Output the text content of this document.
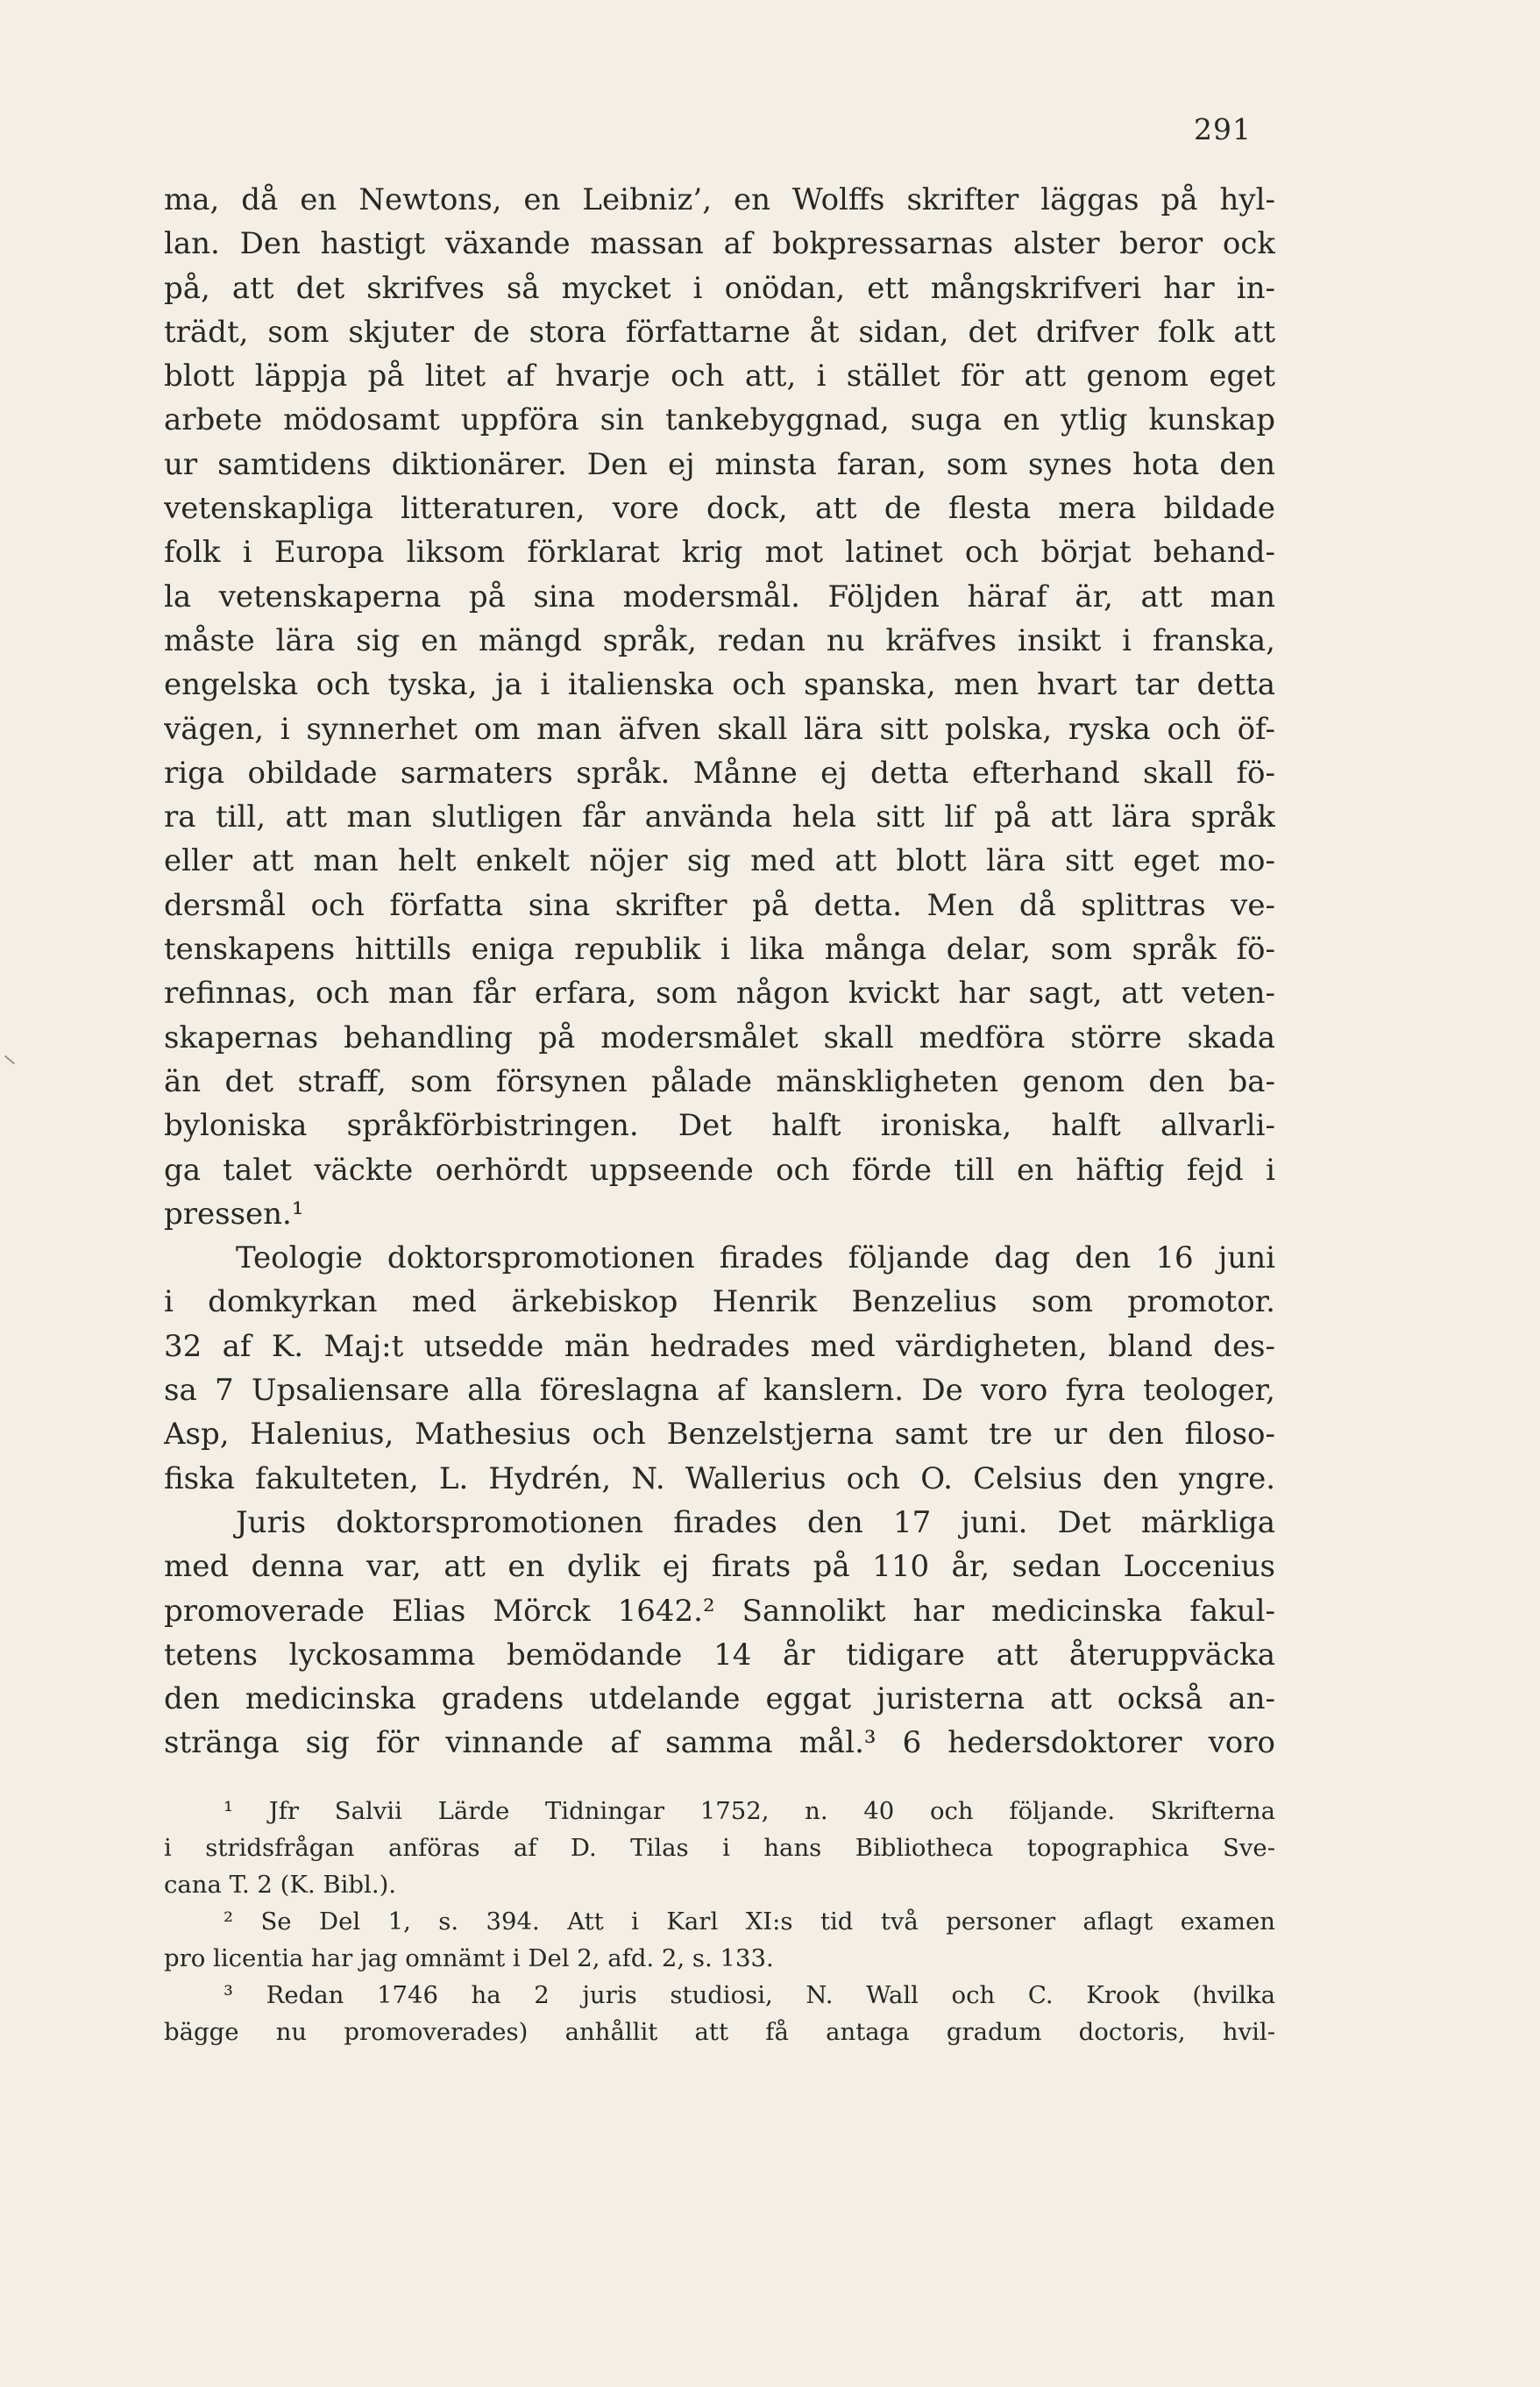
291
ma, då en Newtons, en Leibniz’, en Wolffs skrifter läggas på hyl-
lan. Den hastigt växande massan af bokpressarnas alster beror ock
på, att det skrifves så mycket i onödan, ett mångskrifveri har in-
trädt, som skjuter de stora författarne åt sidan, det drifver folk att
blott läppja på litet af hvarje och att, i stället för att genom eget
arbete mödosamt uppföra sin tankebyggnad, suga en ytlig kunskap
ur samtidens diktionärer. Den ej minsta faran, som synes hota den
vetenskapliga litteraturen, vore dock, att de flesta mera bildade
folk i Europa liksom förklarat krig mot latinet och börjat behand-
la vetenskaperna på sina modersmål. Följden häraf är, att man
måste lära sig en mängd språk, redan nu kräfves insikt i franska,
engelska och tyska, ja i italienska och spanska, men hvart tar detta
vägen, i synnerhet om man äfven skall lära sitt polska, ryska och öf-
riga obildade sarmaters språk. Månne ej detta efterhand skall fö-
ra till, att man slutligen får använda hela sitt lif på att lära språk
eller att man helt enkelt nöjer sig med att blott lära sitt eget mo-
dersmål och författa sina skrifter på detta. Men då splittras ve-
tenskapens hittills eniga republik i lika många delar, som språk fö-
refinnas, och man får erfara, som någon kvickt har sagt, att veten-
skapernas behandling på modersmålet skall medföra större skada
än det straff, som försynen pålade mänskligheten genom den ba-
byloniska språkförbistringen. Det halft ironiska, halft allvarli-
ga talet väckte oerhördt uppseende och förde till en häftig fejd i
pressen.¹
Teologie doktorspromotionen firades följande dag den 16 juni
i domkyrkan med ärkebiskop Henrik Benzelius som promotor.
32 af K. Maj:t utsedde män hedrades med värdigheten, bland des-
sa 7 Upsaliensare alla föreslagna af kanslern. De voro fyra teologer,
Asp, Halenius, Mathesius och Benzelstjerna samt tre ur den filoso-
fiska fakulteten, L. Hydrén, N. Wallerius och O. Celsius den yngre.
Juris doktorspromotionen firades den 17 juni. Det märkliga
med denna var, att en dylik ej firats på 110 år, sedan Loccenius
promoverade Elias Mörck 1642.² Sannolikt har medicinska fakul-
tetens lyckosamma bemödande 14 år tidigare att återuppväcka
den medicinska gradens utdelande eggat juristerna att också an-
stränga sig för vinnande af samma mål.³ 6 hedersdoktorer voro
¹ Jfr Salvii Lärde Tidningar 1752, n. 40 och följande. Skrifterna
i stridsfrågan anföras af D. Tilas i hans Bibliotheca topographica Sve-
cana T. 2 (K. Bibl.).
² Se Del 1, s. 394. Att i Karl XI:s tid två personer aflagt examen
pro licentia har jag omnämt i Del 2, afd. 2, s. 133.
³ Redan 1746 ha 2 juris studiosi, N. Wall och C. Krook (hvilka
bägge nu promoverades) anhållit att få antaga gradum doctoris, hvil-
